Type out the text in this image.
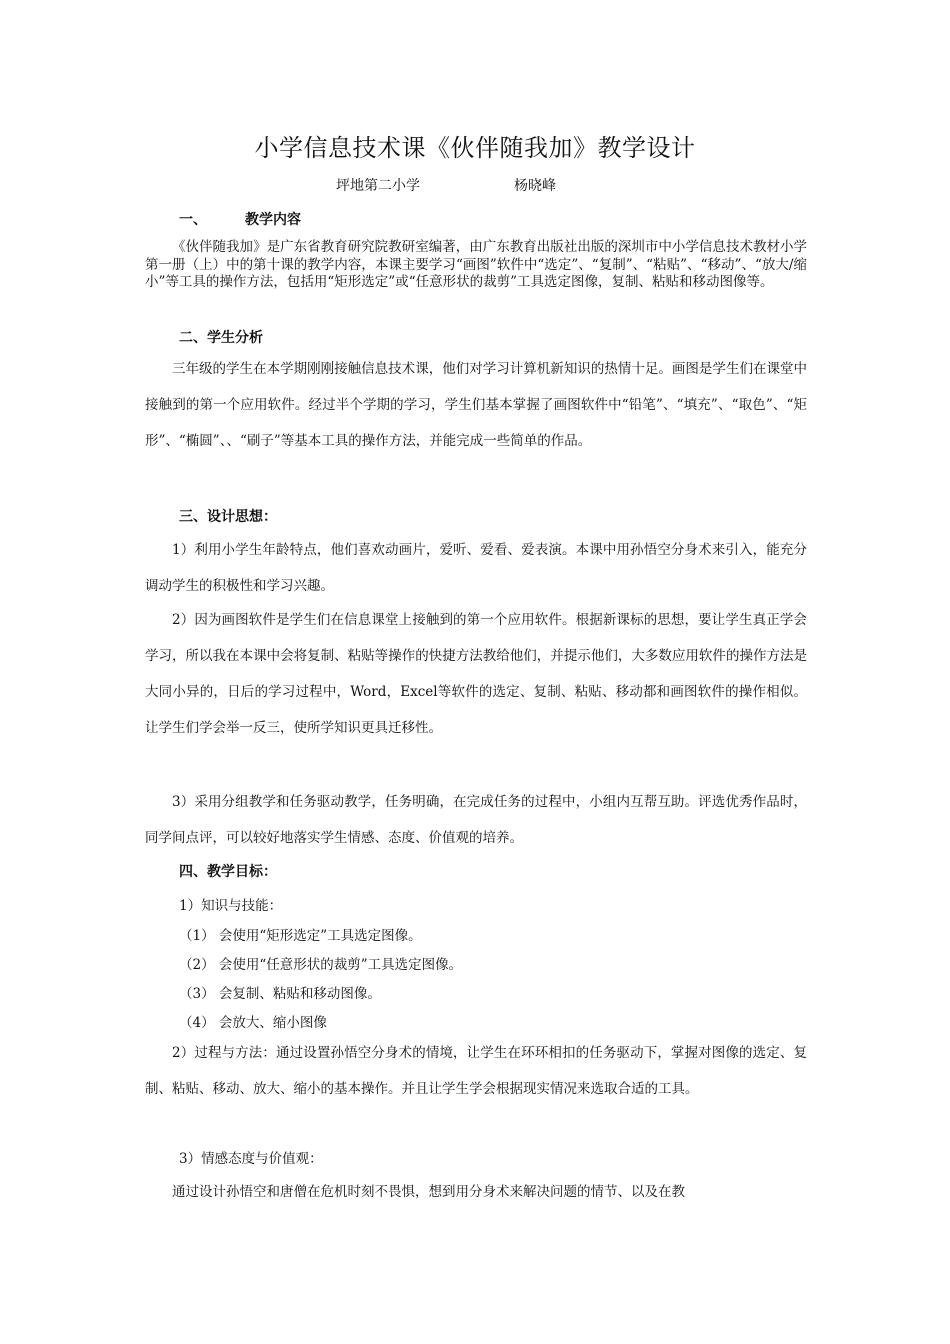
小学信息技术课《伙伴随我加》教学设计
坪地第二小学	杨晓峰
一、	教学内容

《伙伴随我加》是广东省教育研究院教研室编著，由广东教育出版社出版的深圳市中小学信息技术教材小学第一册（上）中的第十课的教学内容，本课主要学习“画图”软件中“选定”、“复制”、“粘贴”、“移动”、“放大/缩小”等工具的操作方法，包括用“矩形选定”或“任意形状的裁剪”工具选定图像，复制、粘贴和移动图像等。

二、学生分析

三年级的学生在本学期刚刚接触信息技术课，他们对学习计算机新知识的热情十足。画图是学生们在课堂中接触到的第一个应用软件。经过半个学期的学习，学生们基本掌握了画图软件中“铅笔”、“填充”、“取色”、“矩形”、“椭圆”、、“刷子”等基本工具的操作方法，并能完成一些简单的作品。

三、设计思想：

1）利用小学生年龄特点，他们喜欢动画片，爱听、爱看、爱表演。本课中用孙悟空分身术来引入，能充分调动学生的积极性和学习兴趣。

2）因为画图软件是学生们在信息课堂上接触到的第一个应用软件。根据新课标的思想，要让学生真正学会学习，所以我在本课中会将复制、粘贴等操作的快捷方法教给他们，并提示他们，大多数应用软件的操作方法是大同小异的，日后的学习过程中，Word，Excel等软件的选定、复制、粘贴、移动都和画图软件的操作相似。让学生们学会举一反三，使所学知识更具迁移性。

3）采用分组教学和任务驱动教学，任务明确，在完成任务的过程中，小组内互帮互助。评选优秀作品时，同学间点评，可以较好地落实学生情感、态度、价值观的培养。

四、教学目标：
1）知识与技能：
（1） 会使用“矩形选定”工具选定图像。
（2） 会使用“任意形状的裁剪”工具选定图像。
（3） 会复制、粘贴和移动图像。
（4） 会放大、缩小图像

2）过程与方法：通过设置孙悟空分身术的情境，让学生在环环相扣的任务驱动下，掌握对图像的选定、复制、粘贴、移动、放大、缩小的基本操作。并且让学生学会根据现实情况来选取合适的工具。

3）情感态度与价值观：

通过设计孙悟空和唐僧在危机时刻不畏惧，想到用分身术来解决问题的情节、以及在教
